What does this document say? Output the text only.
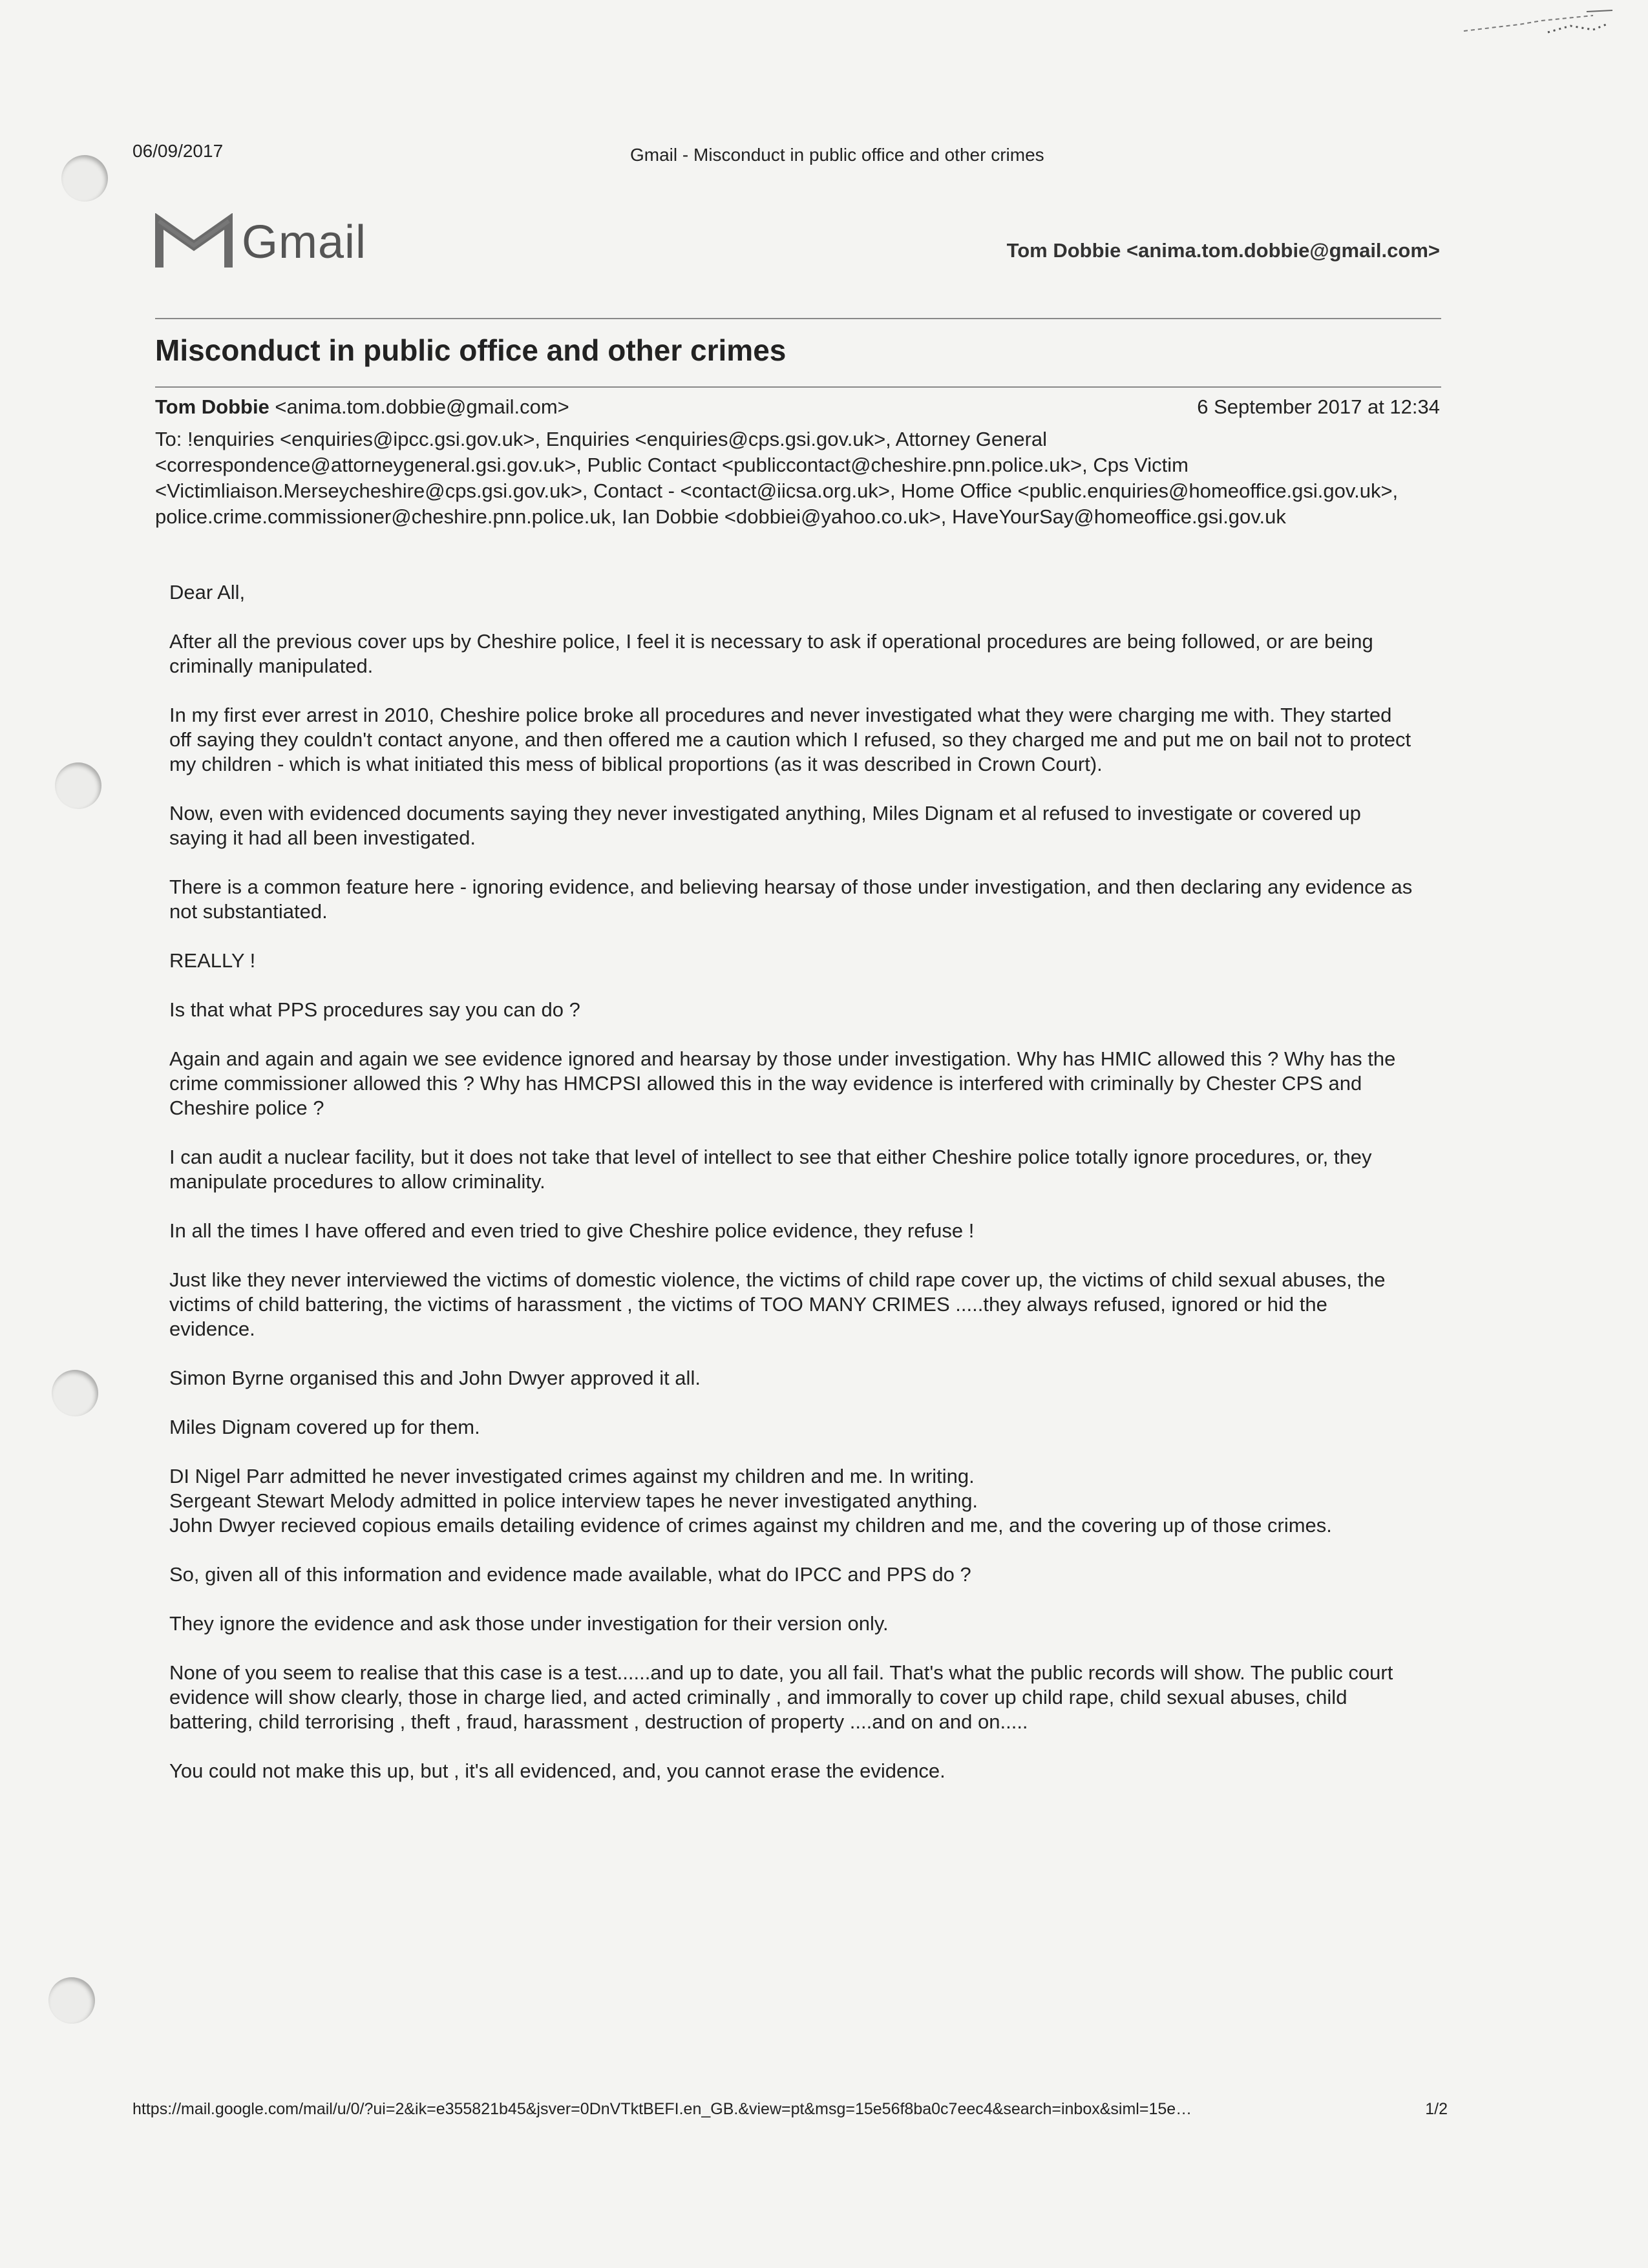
06/09/2017	Gmail - Misconduct in public office and other crimes
Gmail	Tom Dobbie <anima.tom.dobbie@gmail.com>
Misconduct in public office and other crimes
Tom Dobbie <anima.tom.dobbie@gmail.com>	6 September 2017 at 12:34
To: !enquiries <enquiries@ipcc.gsi.gov.uk>, Enquiries <enquiries@cps.gsi.gov.uk>, Attorney General <correspondence@attorneygeneral.gsi.gov.uk>, Public Contact <publiccontact@cheshire.pnn.police.uk>, Cps Victim <Victimliaison.Merseycheshire@cps.gsi.gov.uk>, Contact - <contact@iicsa.org.uk>, Home Office <public.enquiries@homeoffice.gsi.gov.uk>, police.crime.commissioner@cheshire.pnn.police.uk, Ian Dobbie <dobbiei@yahoo.co.uk>, HaveYourSay@homeoffice.gsi.gov.uk

Dear All,

After all the previous cover ups by Cheshire police, I feel it is necessary to ask if operational procedures are being followed, or are being criminally manipulated.

In my first ever arrest in 2010, Cheshire police broke all procedures and never investigated what they were charging me with. They started off saying they couldn't contact anyone, and then offered me a caution which I refused, so they charged me and put me on bail not to protect my children - which is what initiated this mess of biblical proportions (as it was described in Crown Court).

Now, even with evidenced documents saying they never investigated anything, Miles Dignam et al refused to investigate or covered up saying it had all been investigated.

There is a common feature here - ignoring evidence, and believing hearsay of those under investigation, and then declaring any evidence as not substantiated.

REALLY !

Is that what PPS procedures say you can do ?

Again and again and again we see evidence ignored and hearsay by those under investigation. Why has HMIC allowed this ? Why has the crime commissioner allowed this ? Why has HMCPSI allowed this in the way evidence is interfered with criminally by Chester CPS and Cheshire police ?

I can audit a nuclear facility, but it does not take that level of intellect to see that either Cheshire police totally ignore procedures, or, they manipulate procedures to allow criminality.

In all the times I have offered and even tried to give Cheshire police evidence, they refuse !

Just like they never interviewed the victims of domestic violence, the victims of child rape cover up, the victims of child sexual abuses, the victims of child battering, the victims of harassment , the victims of TOO MANY CRIMES .....they always refused, ignored or hid the evidence.

Simon Byrne organised this and John Dwyer approved it all.

Miles Dignam covered up for them.

DI Nigel Parr admitted he never investigated crimes against my children and me. In writing.
Sergeant Stewart Melody admitted in police interview tapes he never investigated anything.
John Dwyer recieved copious emails detailing evidence of crimes against my children and me, and the covering up of those crimes.

So, given all of this information and evidence made available, what do IPCC and PPS do ?

They ignore the evidence and ask those under investigation for their version only.

None of you seem to realise that this case is a test......and up to date, you all fail. That's what the public records will show. The public court evidence will show clearly, those in charge lied, and acted criminally , and immorally to cover up child rape, child sexual abuses, child battering, child terrorising , theft , fraud, harassment , destruction of property ....and on and on.....

You could not make this up, but , it's all evidenced, and, you cannot erase the evidence.

https://mail.google.com/mail/u/0/?ui=2&ik=e355821b45&jsver=0DnVTktBEFI.en_GB.&view=pt&msg=15e56f8ba0c7eec4&search=inbox&siml=15e…	1/2
